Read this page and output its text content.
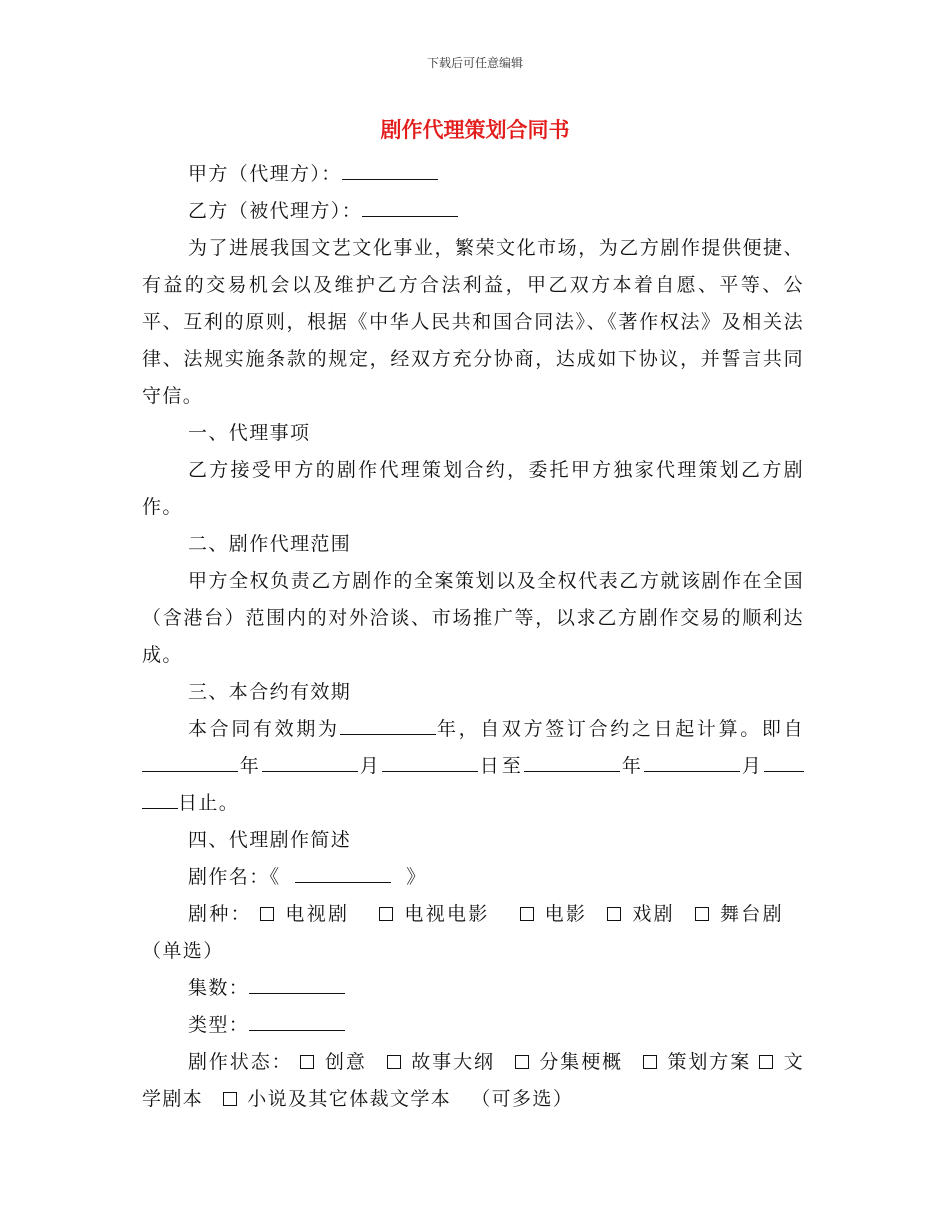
下载后可任意编辑
剧作代理策划合同书

甲方（代理方）：

乙方（被代理方）：

为了进展我国文艺文化事业，繁荣文化市场，为乙方剧作提供便捷、有益的交易机会以及维护乙方合法利益，甲乙双方本着自愿、平等、公平、互利的原则，根据《中华人民共和国合同法》、《著作权法》及相关法律、法规实施条款的规定，经双方充分协商，达成如下协议，并誓言共同守信。

一、代理事项

乙方接受甲方的剧作代理策划合约，委托甲方独家代理策划乙方剧作。

二、剧作代理范围

甲方全权负责乙方剧作的全案策划以及全权代表乙方就该剧作在全国（含港台）范围内的对外洽谈、市场推广等，以求乙方剧作交易的顺利达成。

三、本合约有效期

本合同有效期为	年，自双方签订合约之日起计算。即自年	月	日至	年	月日止。

四、代理剧作简述

剧作名：《	》

剧种： 电视剧	电视电影	电影 戏剧 舞台剧（单选）

集数：

类型：

剧作状态： 创意 故事大纲 分集梗概 策划方案 文学剧本 小说及其它体裁文学本 （可多选）
